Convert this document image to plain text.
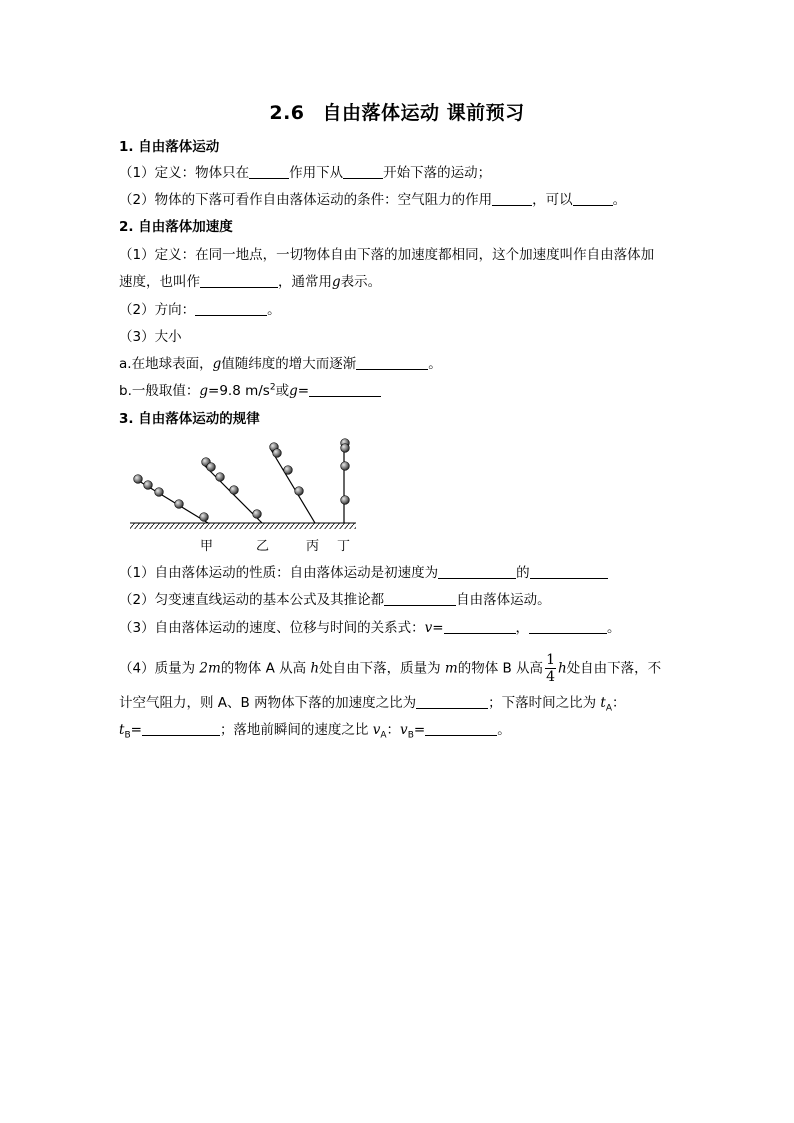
2.6 自由落体运动 课前预习
1. 自由落体运动
（1）定义：物体只在	作用下从	开始下落的运动；
（2）物体的下落可看作自由落体运动的条件：空气阻力的作用	，可以	。
2. 自由落体加速度
（1）定义：在同一地点，一切物体自由下落的加速度都相同，这个加速度叫作自由落体加
速度，也叫作	，通常用g表示。
（2）方向：	。
（3）大小
a.在地球表面，g值随纬度的增大而逐渐	。
b.一般取值：g=9.8 $m/s^2$或g=
3. 自由落体运动的规律
甲	乙	丙 丁
（1）自由落体运动的性质：自由落体运动是初速度为	的
（2）匀变速直线运动的基本公式及其推论都	自由落体运动。
（3）自由落体运动的速度、位移与时间的关系式：v=	，	。
（4）质量为 2m的物体 A 从高 h处自由下落，质量为 m的物体 B 从高 $\frac{1}{4}$ h处自由下落，不
计空气阻力，则 A、B 两物体下落的加速度之比为	；下落时间之比为 $t_A$：
$t_B=$	；落地前瞬间的速度之比 $v_A$：$v_B=$	。
